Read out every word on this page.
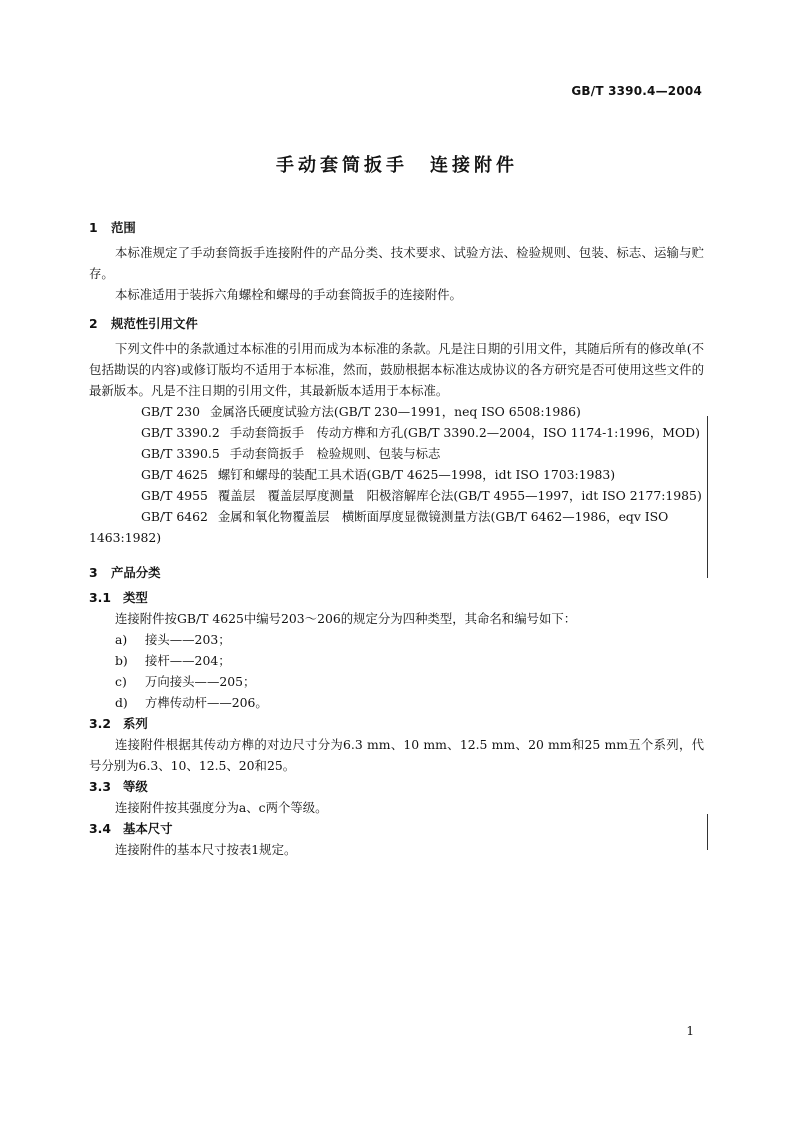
GB/T 3390.4—2004
手动套筒扳手 连接附件
1 范围
本标准规定了手动套筒扳手连接附件的产品分类、技术要求、试验方法、检验规则、包装、标志、运输与贮存。
本标准适用于装拆六角螺栓和螺母的手动套筒扳手的连接附件。
2 规范性引用文件
下列文件中的条款通过本标准的引用而成为本标准的条款。凡是注日期的引用文件，其随后所有的修改单(不包括勘误的内容)或修订版均不适用于本标准，然而，鼓励根据本标准达成协议的各方研究是否可使用这些文件的最新版本。凡是不注日期的引用文件，其最新版本适用于本标准。
GB/T 230 金属洛氏硬度试验方法(GB/T 230—1991，neq ISO 6508:1986)
GB/T 3390.2 手动套筒扳手　传动方榫和方孔(GB/T 3390.2—2004，ISO 1174-1:1996，MOD)
GB/T 3390.5 手动套筒扳手　检验规则、包装与标志
GB/T 4625 螺钉和螺母的装配工具术语(GB/T 4625—1998，idt ISO 1703:1983)
GB/T 4955 覆盖层　覆盖层厚度测量　阳极溶解库仑法(GB/T 4955—1997，idt ISO 2177:1985)
GB/T 6462 金属和氧化物覆盖层　横断面厚度显微镜测量方法(GB/T 6462—1986，eqv ISO 1463:1982)
3 产品分类
3.1 类型
连接附件按GB/T 4625中编号203～206的规定分为四种类型，其命名和编号如下：
a) 接头——203；
b) 接杆——204；
c) 万向接头——205；
d) 方榫传动杆——206。
3.2 系列
连接附件根据其传动方榫的对边尺寸分为6.3 mm、10 mm、12.5 mm、20 mm和25 mm五个系列，代号分别为6.3、10、12.5、20和25。
3.3 等级
连接附件按其强度分为a、c两个等级。
3.4 基本尺寸
连接附件的基本尺寸按表1规定。
1
